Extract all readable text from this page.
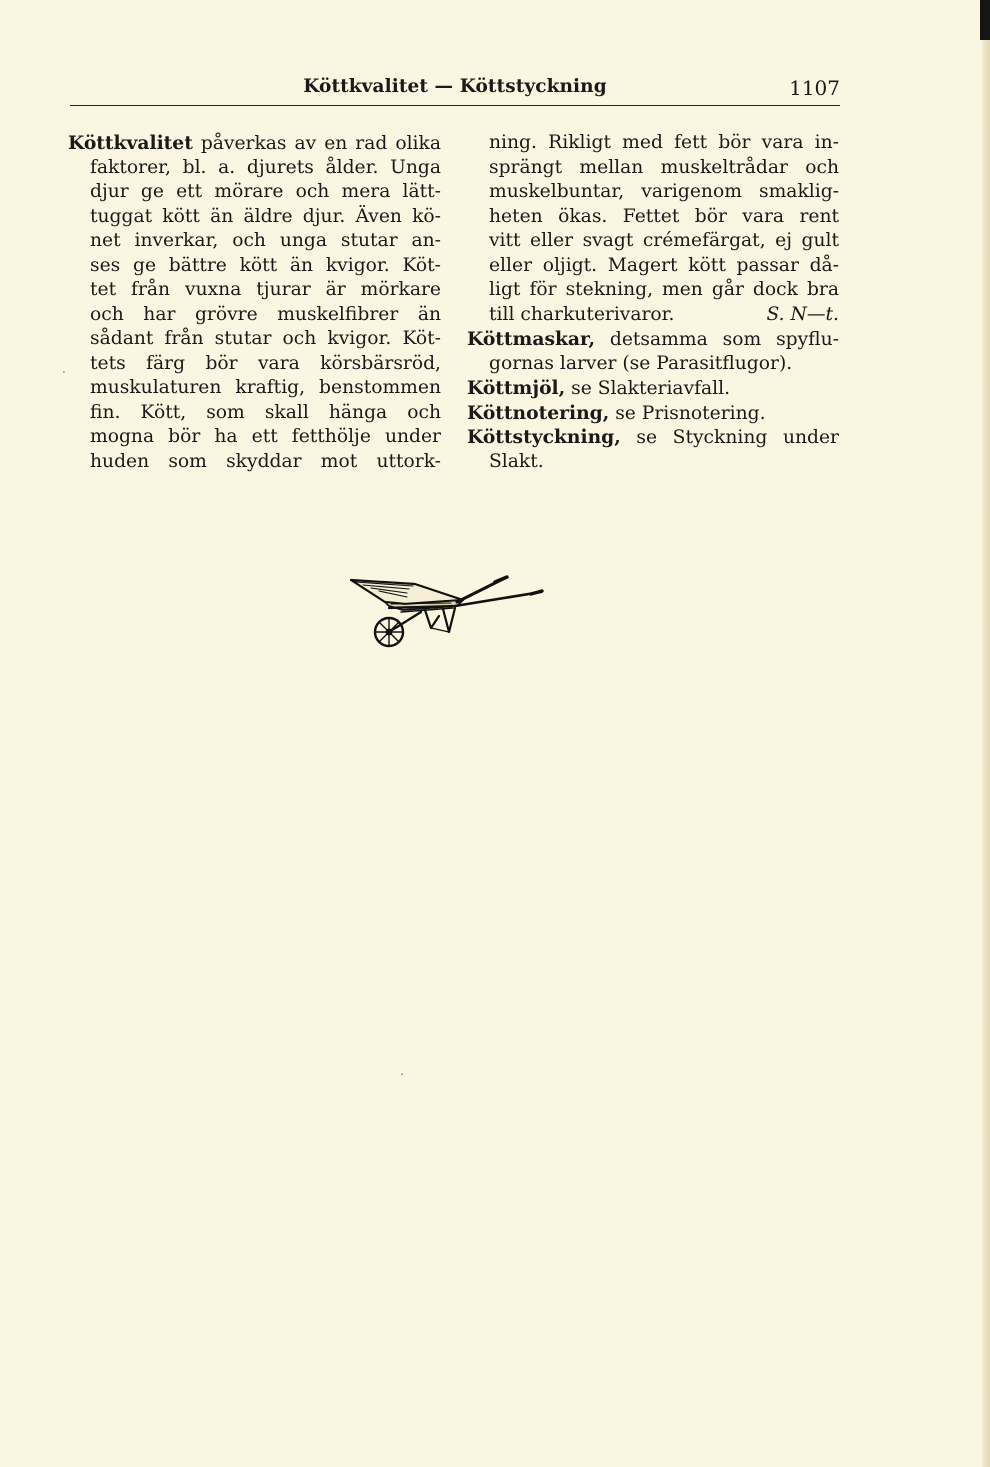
Köttkvalitet — Köttstyckning	1107
Köttkvalitet påverkas av en rad olika
faktorer, bl. a. djurets ålder. Unga
djur ge ett mörare och mera lätt-
tuggat kött än äldre djur. Även kö-
net inverkar, och unga stutar an-
ses ge bättre kött än kvigor. Köt-
tet från vuxna tjurar är mörkare
och har grövre muskelfibrer än
sådant från stutar och kvigor. Köt-
tets färg bör vara körsbärsröd,
muskulaturen kraftig, benstommen
fin. Kött, som skall hänga och
mogna bör ha ett fetthölje under
huden som skyddar mot uttork-
ning. Rikligt med fett bör vara in-
sprängt mellan muskeltrådar och
muskelbuntar, varigenom smaklig-
heten ökas. Fettet bör vara rent
vitt eller svagt crémefärgat, ej gult
eller oljigt. Magert kött passar då-
ligt för stekning, men går dock bra
till charkuterivaror.	S. N—t.
Köttmaskar, detsamma som spyflu-
gornas larver (se Parasitflugor).
Köttmjöl, se Slakteriavfall.
Köttnotering, se Prisnotering.
Köttstyckning, se Styckning under
Slakt.
.
.
